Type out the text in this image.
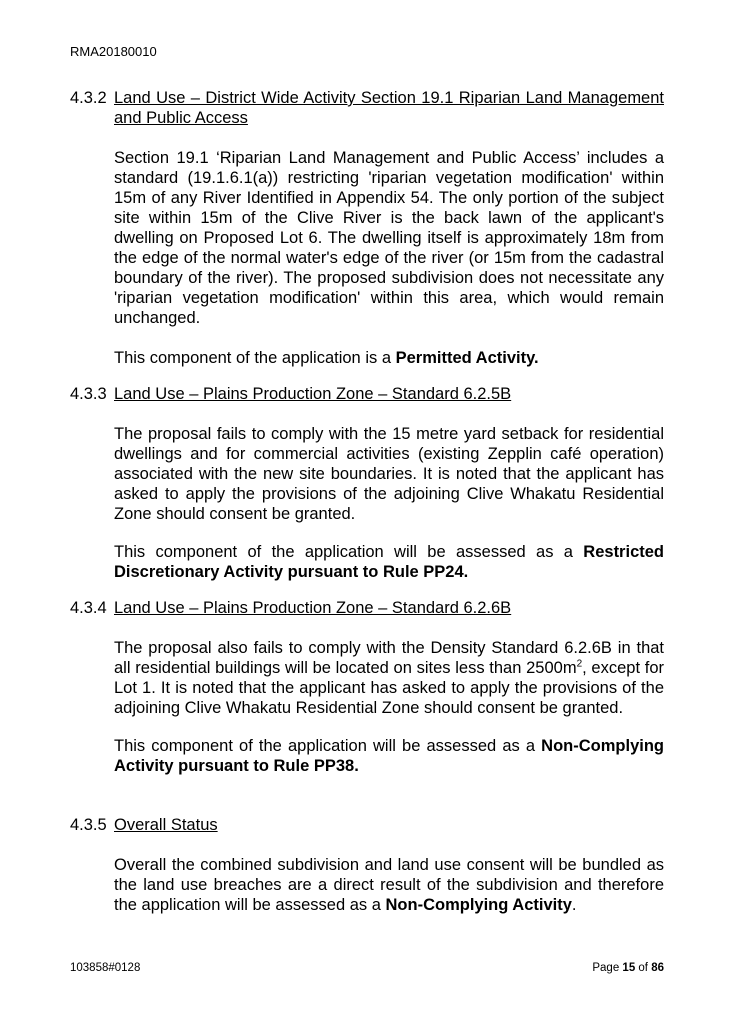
RMA20180010
4.3.2 Land Use – District Wide Activity Section 19.1 Riparian Land Management and Public Access

Section 19.1 ‘Riparian Land Management and Public Access’ includes a standard (19.1.6.1(a)) restricting 'riparian vegetation modification' within 15m of any River Identified in Appendix 54. The only portion of the subject site within 15m of the Clive River is the back lawn of the applicant's dwelling on Proposed Lot 6. The dwelling itself is approximately 18m from the edge of the normal water's edge of the river (or 15m from the cadastral boundary of the river). The proposed subdivision does not necessitate any 'riparian vegetation modification' within this area, which would remain unchanged.

This component of the application is a Permitted Activity.

4.3.3 Land Use – Plains Production Zone – Standard 6.2.5B

The proposal fails to comply with the 15 metre yard setback for residential dwellings and for commercial activities (existing Zepplin café operation) associated with the new site boundaries. It is noted that the applicant has asked to apply the provisions of the adjoining Clive Whakatu Residential Zone should consent be granted.

This component of the application will be assessed as a Restricted Discretionary Activity pursuant to Rule PP24.

4.3.4 Land Use – Plains Production Zone – Standard 6.2.6B

The proposal also fails to comply with the Density Standard 6.2.6B in that all residential buildings will be located on sites less than $2500m^2$, except for Lot 1. It is noted that the applicant has asked to apply the provisions of the adjoining Clive Whakatu Residential Zone should consent be granted.

This component of the application will be assessed as a Non-Complying Activity pursuant to Rule PP38.

4.3.5 Overall Status

Overall the combined subdivision and land use consent will be bundled as the land use breaches are a direct result of the subdivision and therefore the application will be assessed as a Non-Complying Activity.

103858#0128	Page 15 of 86
